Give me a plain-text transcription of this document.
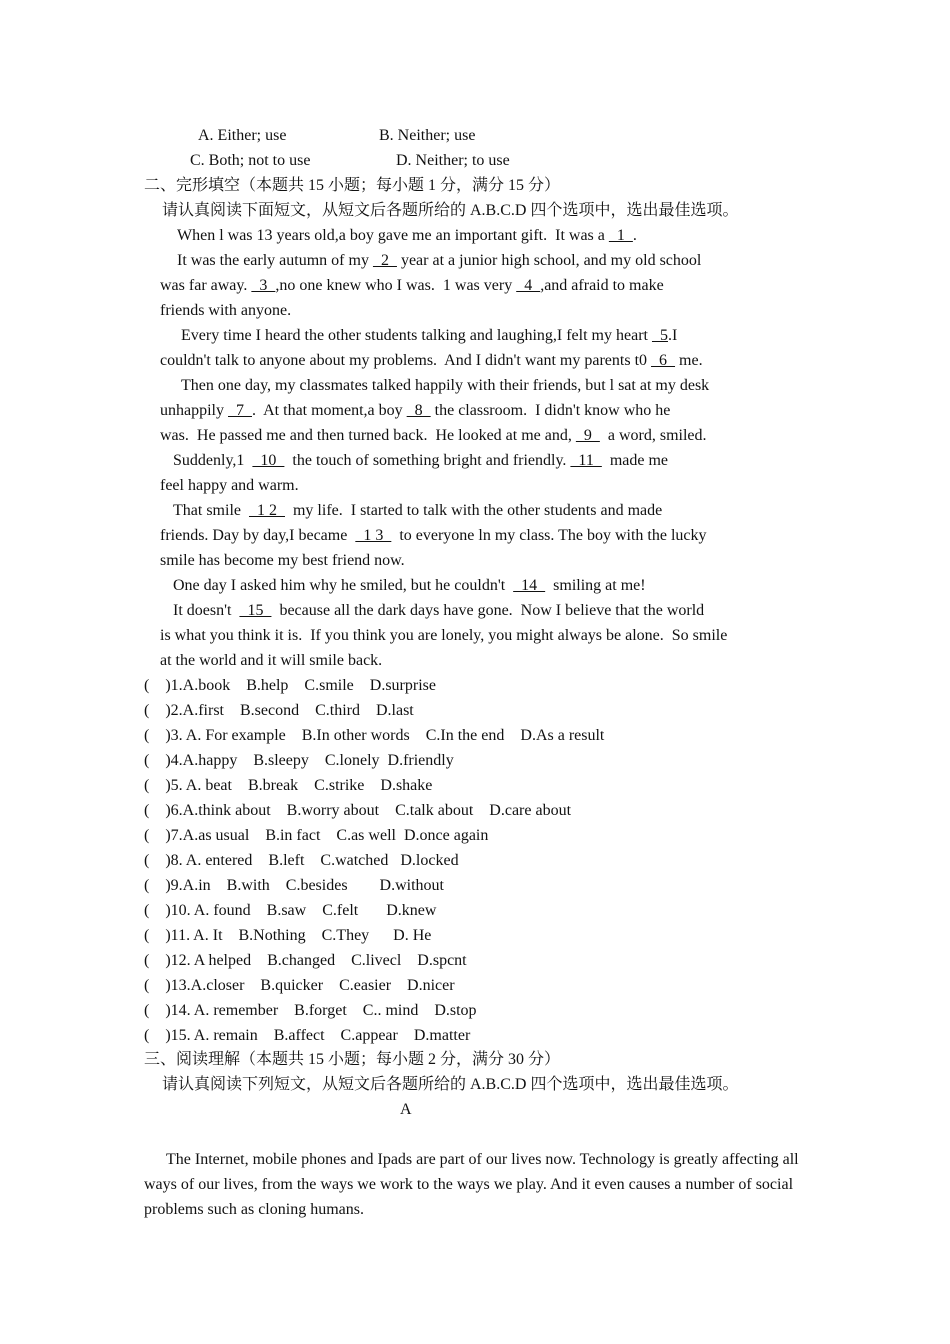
A. Either; use	B. Neither; use
C. Both; not to use	D. Neither; to use
二、完形填空（本题共 15 小题；每小题 1 分，满分 15 分）
请认真阅读下面短文，从短文后各题所给的 A.B.C.D 四个选项中，选出最佳选项。
When l was 13 years old,a boy gave me an important gift.  It was a   1  .
It was the early autumn of my   2   year at a junior high school, and my old school
was far away.   3  ,no one knew who I was.  1 was very   4  ,and afraid to make
friends with anyone.
Every time I heard the other students talking and laughing,I felt my heart   5.I
couldn't talk to anyone about my problems.  And I didn't want my parents t0   6   me.
Then one day, my classmates talked happily with their friends, but l sat at my desk
unhappily   7  .  At that moment,a boy   8   the classroom.  I didn't know who he
was.  He passed me and then turned back.  He looked at me and,   9    a word, smiled.
Suddenly,1    10    the touch of something bright and friendly.   11    made me
feel happy and warm.
That smile    1 2    my life.  I started to talk with the other students and made
friends. Day by day,I became    1 3    to everyone ln my class. The boy with the lucky
smile has become my best friend now.
One day I asked him why he smiled, but he couldn't    14    smiling at me!
It doesn't    15    because all the dark days have gone.  Now I believe that the world
is what you think it is.  If you think you are lonely, you might always be alone.  So smile
at the world and it will smile back.
( )1.A.book    B.help    C.smile    D.surprise
( )2.A.first    B.second    C.third    D.last
( )3. A. For example    B.In other words    C.In the end    D.As a result
( )4.A.happy    B.sleepy    C.lonely  D.friendly
( )5. A. beat    B.break    C.strike    D.shake
( )6.A.think about    B.worry about    C.talk about    D.care about
( )7.A.as usual    B.in fact    C.as well  D.once again
( )8. A. entered    B.left    C.watched   D.locked
( )9.A.in    B.with    C.besides        D.without
( )10. A. found    B.saw    C.felt       D.knew
( )11. A. It    B.Nothing    C.They      D. He
( )12. A helped    B.changed    C.livecl    D.spcnt
( )13.A.closer    B.quicker    C.easier    D.nicer
( )14. A. remember    B.forget    C.. mind    D.stop
( )15. A. remain    B.affect    C.appear    D.matter
三、阅读理解（本题共 15 小题；每小题 2 分，满分 30 分）
请认真阅读下列短文，从短文后各题所给的 A.B.C.D 四个选项中，选出最佳选项。
A
The Internet, mobile phones and Ipads are part of our lives now. Technology is greatly affecting all
ways of our lives, from the ways we work to the ways we play. And it even causes a number of social
problems such as cloning humans.
